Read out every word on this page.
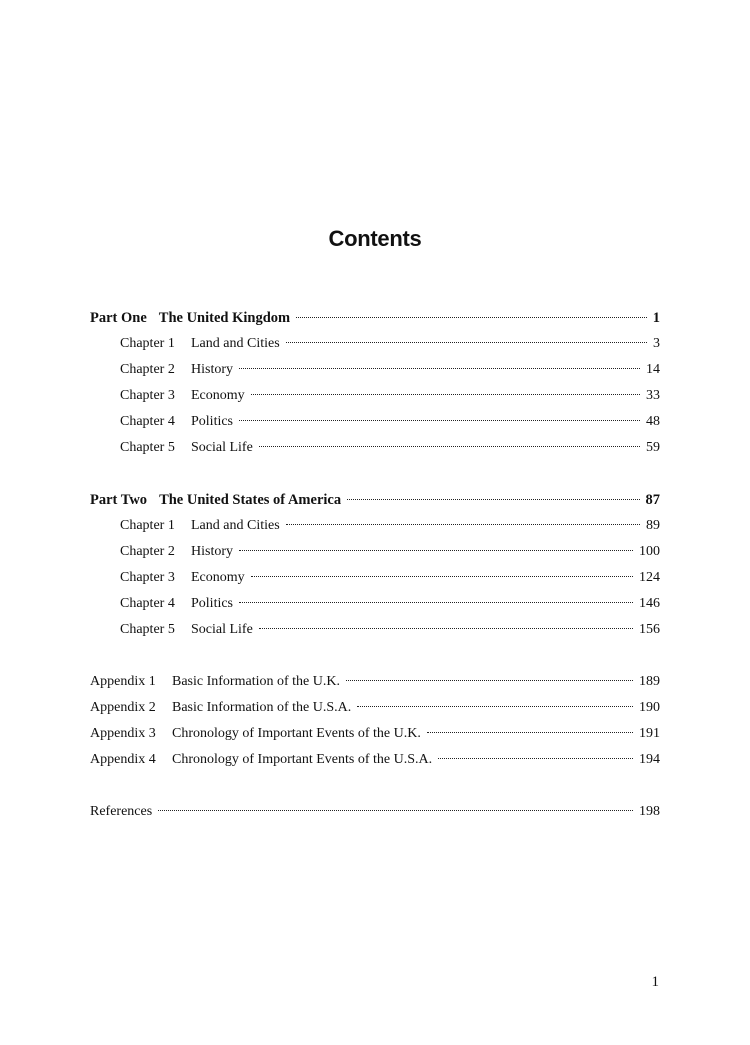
Contents
Part One The United Kingdom	1
Chapter 1	Land and Cities	3
Chapter 2	History	14
Chapter 3	Economy	33
Chapter 4	Politics	48
Chapter 5	Social Life	59
Part Two The United States of America	87
Chapter 1	Land and Cities	89
Chapter 2	History	100
Chapter 3	Economy	124
Chapter 4	Politics	146
Chapter 5	Social Life	156
Appendix 1	Basic Information of the U.K.	189
Appendix 2	Basic Information of the U.S.A.	190
Appendix 3	Chronology of Important Events of the U.K.	191
Appendix 4	Chronology of Important Events of the U.S.A.	194
References	198
1
